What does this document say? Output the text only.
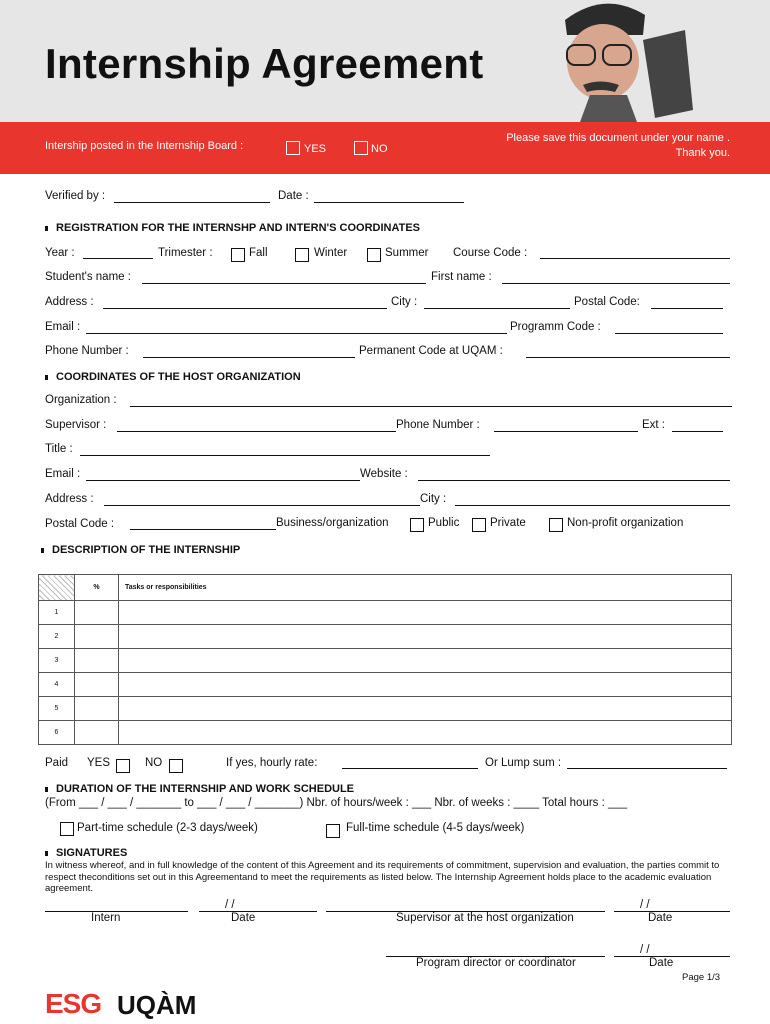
Internship Agreement
Intership posted in the Internship Board :	YES	NO
Please save this document under your name .
Thank you.
Verified by :	Date :
REGISTRATION FOR THE INTERNSHP AND INTERN'S COORDINATES
Year :	Trimester :	Fall	Winter	Summer Course Code :
Student's name :	First name :
Address :	City :	Postal Code:
Email :	Programm Code :
Phone Number :	Permanent Code at UQAM :
COORDINATES OF THE HOST ORGANIZATION
Organization :
Supervisor :	Phone Number :	Ext :
Title :
Email :	Website :
Address :	City :
Postal Code :	Business/organization	Public	Private	Non-profit organization
DESCRIPTION OF THE INTERNSHIP
	%	Tasks or responsibilities
1		
2		
3		
4		
5		
6		
Paid YES	NO	If yes, hourly rate:	Or Lump sum :
DURATION OF THE INTERNSHIP AND WORK SCHEDULE
(From ___ / ___ / _______ to ___ / ___ / _______) Nbr. of hours/week : ___ Nbr. of weeks : ____ Total hours : ___
Part-time schedule (2-3 days/week)	Full-time schedule (4-5 days/week)
SIGNATURES
In witness whereof, and in full knowledge of the content of this Agreement and its requirements of commitment, supervision and evaluation, the parties commit to respect theconditions set out in this Agreementand to meet the requirements as listed below. The Internship Agreement holds place to the academic evaluation agreement.
Intern
/ /
Date	Supervisor at the host organization
/ /
Date
Program director or coordinator
/ /
Date
Page 1/3
ESG UQÀM
